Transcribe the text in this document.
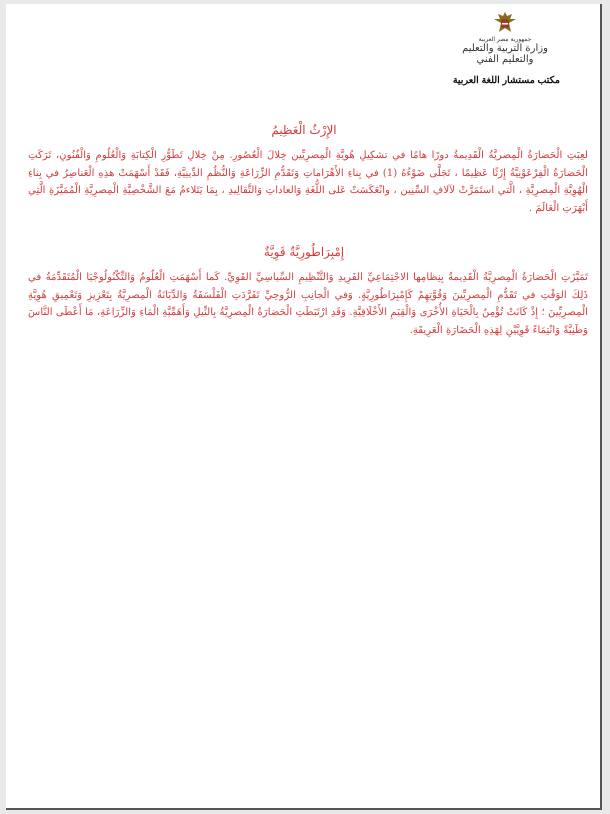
جمهورية مصر العربية
وزارة التربية والتعليم
والتعليم الفني
مكتب مستشار اللغة العربية
الإِرْثُ الْعَظِيمُ

لعِبَتِ الْحَضارَةُ الْمِصريَّةُ الْقَدِيمةُ دورًا هامًا في تشكِيلِ هُويَّةِ الْمِصرِيِّين خِلالَ الْعُصُورِ. مِنْ خِلالِ تَطَوُّرِ الْكِتابَةِ وَالْعُلُومِ وَالْفُنُونِ، تَرَكَتِ الْحَضارَةُ الْفِرْعَوْنِيَّةُ إِرْثًا عَظِيمًا ، تَجَلَّى ضَوْءُهُ (1) في بِناءِ الأَهْرَاماتِ وَتَقَدُّمِ الزِّرَاعَةِ وَالنُّظُمِ الدِّينِيَّةِ، فَقَدْ أَسْهَمَتْ هذِهِ الْعَناصِرُ في بِناءِ الْهُوِيَّةِ الْمِصرِيَّةِ ، الَّتي استَمَرَّتْ لآلافِ السِّنِين ، وانْعَكَسَتْ عَلى اللُّغَةِ وَالعاداتِ وَالتَّقالِيدِ ، بِمَا يَتَلاءمُ مَعَ الشَّخْصِيَّةِ الْمِصرِيَّةِ الْمُمَيَّزَةِ الَّتِي أَبْهَرَتِ الْعَالَمَ .

إِمْبِرَاطُورِيَّةٌ قَوِيَّةٌ

تَمَيَّزَتِ الْحَضارَةُ الْمِصرِيَّةُ الْقَدِيمةُ بِنِظامِها الاجْتِمَاعِيِّ الفَرِيدِ وَالتَّنْظِيمِ السِّياسِيِّ القَوِيِّ. كَما أَسْهَمَتِ الْعُلُومُ وَالتِّكْنُولُوجْيَا الْمُتَقَدِّمَةُ في ذَلِكَ الوَقْتِ في تَقَدُّمِ الْمِصرِيِّينَ وَقُوَّتِهِمْ كَإِمْبِرَاطُورِيَّةٍ. وَفي الْجانِبِ الرُّوحِيِّ تَفَرَّدَتِ الْفَلْسَفَةُ وَالدِّيَانَةُ الْمِصرِيَّةُ بِتَعْزِيزِ وَتَعْمِيقِ هُوِيَّةِ الْمِصرِيِّينَ ؛ إِذْ كَانَتْ تُؤْمِنُ بِالْحَيَاةِ الأُخْرَى وَالْقِيَمِ الأَخْلَاقِيَّةِ. وَقَدِ ارْتَبَطَتِ الْحَضارَةُ الْمِصرِيَّةُ بِالنِّيلِ وَأَهَمِّيَّةِ الْمَاءِ وَالزِّرَاعَةِ، مَا أَعْطَى النَّاسَ وَطَنِيَّةً وَانْتِمَاءً قَوِيَّيْنِ لِهَذِهِ الْحَضَارَةِ الْعَرِيقَةِ.
